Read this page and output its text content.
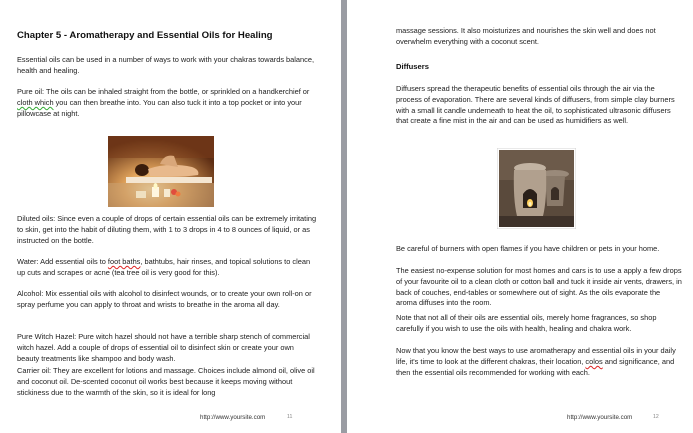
Chapter 5 - Aromatherapy and Essential Oils for Healing

Essential oils can be used in a number of ways to work with your chakras towards balance, health and healing.

Pure oil: The oils can be inhaled straight from the bottle, or sprinkled on a handkerchief or cloth which you can then breathe into. You can also tuck it into a top pocket or into your pillowcase at night.

Diluted oils: Since even a couple of drops of certain essential oils can be extremely irritating to skin, get into the habit of diluting them, with 1 to 3 drops in 4 to 8 ounces of liquid, or as instructed on the bottle.

Water: Add essential oils to foot baths, bathtubs, hair rinses, and topical solutions to clean up cuts and scrapes or acne (tea tree oil is very good for this).

Alcohol: Mix essential oils with alcohol to disinfect wounds, or to create your own roll-on or spray perfume you can apply to throat and wrists to breathe in the aroma all day.

Pure Witch Hazel: Pure witch hazel should not have a terrible sharp stench of commercial witch hazel. Add a couple of drops of essential oil to disinfect skin or create your own beauty treatments like shampoo and body wash.

Carrier oil: They are excellent for lotions and massage. Choices include almond oil, olive oil and coconut oil. De-scented coconut oil works best because it keeps moving without stickiness due to the warmth of the skin, so it is ideal for long

http://www.yoursite.com	11

massage sessions. It also moisturizes and nourishes the skin well and does not overwhelm everything with a coconut scent.

Diffusers

Diffusers spread the therapeutic benefits of essential oils through the air via the process of evaporation. There are several kinds of diffusers, from simple clay burners with a small lit candle underneath to heat the oil, to sophisticated ultrasonic diffusers that create a fine mist in the air and can be used as humidifiers as well.

Be careful of burners with open flames if you have children or pets in your home.

The easiest no-expense solution for most homes and cars is to use a apply a few drops of your favourite oil to a clean cloth or cotton ball and tuck it inside air vents, drawers, in back of couches, end-tables or somewhere out of sight. As the oils evaporate the aroma diffuses into the room.

Note that not all of their oils are essential oils, merely home fragrances, so shop carefully if you wish to use the oils with health, healing and chakra work.

Now that you know the best ways to use aromatherapy and essential oils in your daily life, it's time to look at the different chakras, their location, colos and significance, and then the essential oils recommended for working with each.

http://www.yoursite.com	12
